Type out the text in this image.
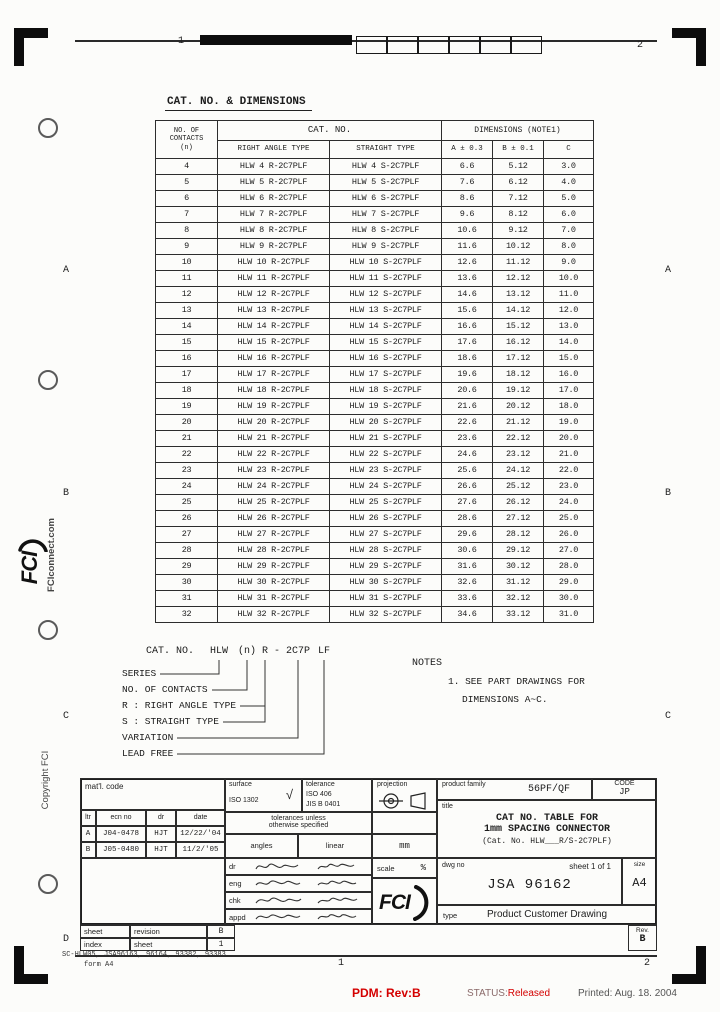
1	2
1	2
A
B
C
D
A
B
C
FCI FCIconnect.com
Copyright FCI
CAT. NO. & DIMENSIONS
NO. OF
CONTACTS
(n)	CAT. NO.		DIMENSIONS (NOTE1)		
	RIGHT ANGLE TYPE	STRAIGHT TYPE	A ± 0.3	B ± 0.1	C
4	HLW 4 R-2C7PLF	HLW 4 S-2C7PLF	6.6	5.12	3.0
5	HLW 5 R-2C7PLF	HLW 5 S-2C7PLF	7.6	6.12	4.0
6	HLW 6 R-2C7PLF	HLW 6 S-2C7PLF	8.6	7.12	5.0
7	HLW 7 R-2C7PLF	HLW 7 S-2C7PLF	9.6	8.12	6.0
8	HLW 8 R-2C7PLF	HLW 8 S-2C7PLF	10.6	9.12	7.0
9	HLW 9 R-2C7PLF	HLW 9 S-2C7PLF	11.6	10.12	8.0
10	HLW 10 R-2C7PLF	HLW 10 S-2C7PLF	12.6	11.12	9.0
11	HLW 11 R-2C7PLF	HLW 11 S-2C7PLF	13.6	12.12	10.0
12	HLW 12 R-2C7PLF	HLW 12 S-2C7PLF	14.6	13.12	11.0
13	HLW 13 R-2C7PLF	HLW 13 S-2C7PLF	15.6	14.12	12.0
14	HLW 14 R-2C7PLF	HLW 14 S-2C7PLF	16.6	15.12	13.0
15	HLW 15 R-2C7PLF	HLW 15 S-2C7PLF	17.6	16.12	14.0
16	HLW 16 R-2C7PLF	HLW 16 S-2C7PLF	18.6	17.12	15.0
17	HLW 17 R-2C7PLF	HLW 17 S-2C7PLF	19.6	18.12	16.0
18	HLW 18 R-2C7PLF	HLW 18 S-2C7PLF	20.6	19.12	17.0
19	HLW 19 R-2C7PLF	HLW 19 S-2C7PLF	21.6	20.12	18.0
20	HLW 20 R-2C7PLF	HLW 20 S-2C7PLF	22.6	21.12	19.0
21	HLW 21 R-2C7PLF	HLW 21 S-2C7PLF	23.6	22.12	20.0
22	HLW 22 R-2C7PLF	HLW 22 S-2C7PLF	24.6	23.12	21.0
23	HLW 23 R-2C7PLF	HLW 23 S-2C7PLF	25.6	24.12	22.0
24	HLW 24 R-2C7PLF	HLW 24 S-2C7PLF	26.6	25.12	23.0
25	HLW 25 R-2C7PLF	HLW 25 S-2C7PLF	27.6	26.12	24.0
26	HLW 26 R-2C7PLF	HLW 26 S-2C7PLF	28.6	27.12	25.0
27	HLW 27 R-2C7PLF	HLW 27 S-2C7PLF	29.6	28.12	26.0
28	HLW 28 R-2C7PLF	HLW 28 S-2C7PLF	30.6	29.12	27.0
29	HLW 29 R-2C7PLF	HLW 29 S-2C7PLF	31.6	30.12	28.0
30	HLW 30 R-2C7PLF	HLW 30 S-2C7PLF	32.6	31.12	29.0
31	HLW 31 R-2C7PLF	HLW 31 S-2C7PLF	33.6	32.12	30.0
32	HLW 32 R-2C7PLF	HLW 32 S-2C7PLF	34.6	33.12	31.0
CAT. NO. HLW (n) R - 2C7P LF
SERIES
NO. OF CONTACTS
R : RIGHT ANGLE TYPE
S : STRAIGHT TYPE
VARIATION
LEAD FREE
NOTES
1. SEE PART DRAWINGS FOR
DIMENSIONS A~C.
mat'l. code
ltr	ecn no	dr	date
A	J04-0478	HJT	12/22/'04
B	J05-0480	HJT	11/2/'05
surface
ISO 1302 √
tolerance
ISO 406
JIS B 0401
tolerances unless
otherwise specified
angles	linear
dr
eng
chk
appd
projection
mm
scale	%
FCI
product family	56PF/QF
CODE
JP
title
CAT NO. TABLE FOR
1mm SPACING CONNECTOR
(Cat. No. HLW___R/S-2C7PLF)
dwg no	sheet 1 of 1
JSA 96162
size
A4
type	Product Customer Drawing
sheet	revision	B
index	sheet	1
Rev.
B
SC-HLW05, JSA96163, 96164, 93382, 93383
form A4
PDM: Rev:B	STATUS:Released	Printed: Aug. 18. 2004
